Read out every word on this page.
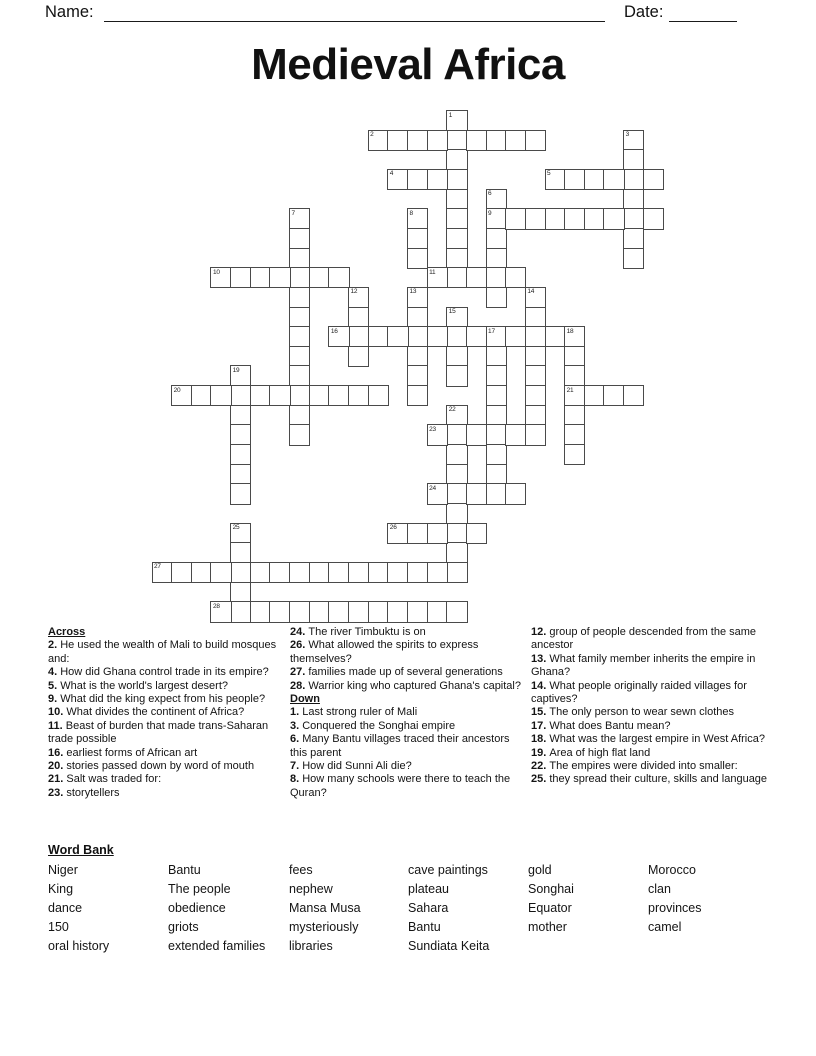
Name:	Date:
Medieval Africa
1
2	3
4	5
6
9
7	8
10	11
12	13	14
15
16	17	18
21
19
20
22
23
24
25	26
27
28
Across
2. He used the wealth of Mali to build mosques and:
4. How did Ghana control trade in its empire?
5. What is the world's largest desert?
9. What did the king expect from his people?
10. What divides the continent of Africa?
11. Beast of burden that made trans-Saharan trade possible
16. earliest forms of African art
20. stories passed down by word of mouth
21. Salt was traded for:
23. storytellers
24. The river Timbuktu is on
26. What allowed the spirits to express themselves?
27. families made up of several generations
28. Warrior king who captured Ghana's capital?
Down
1. Last strong ruler of Mali
3. Conquered the Songhai empire
6. Many Bantu villages traced their ancestors this parent
7. How did Sunni Ali die?
8. How many schools were there to teach the Quran?
12. group of people descended from the same ancestor
13. What family member inherits the empire in Ghana?
14. What people originally raided villages for captives?
15. The only person to wear sewn clothes
17. What does Bantu mean?
18. What was the largest empire in West Africa?
19. Area of high flat land
22. The empires were divided into smaller:
25. they spread their culture, skills and language
Word Bank
Niger
King
dance
150
oral history
Bantu
The people
obedience
griots
extended families
fees
nephew
Mansa Musa
mysteriously
libraries
cave paintings
plateau
Sahara
Bantu
Sundiata Keita
gold
Songhai
Equator
mother
Morocco
clan
provinces
camel
